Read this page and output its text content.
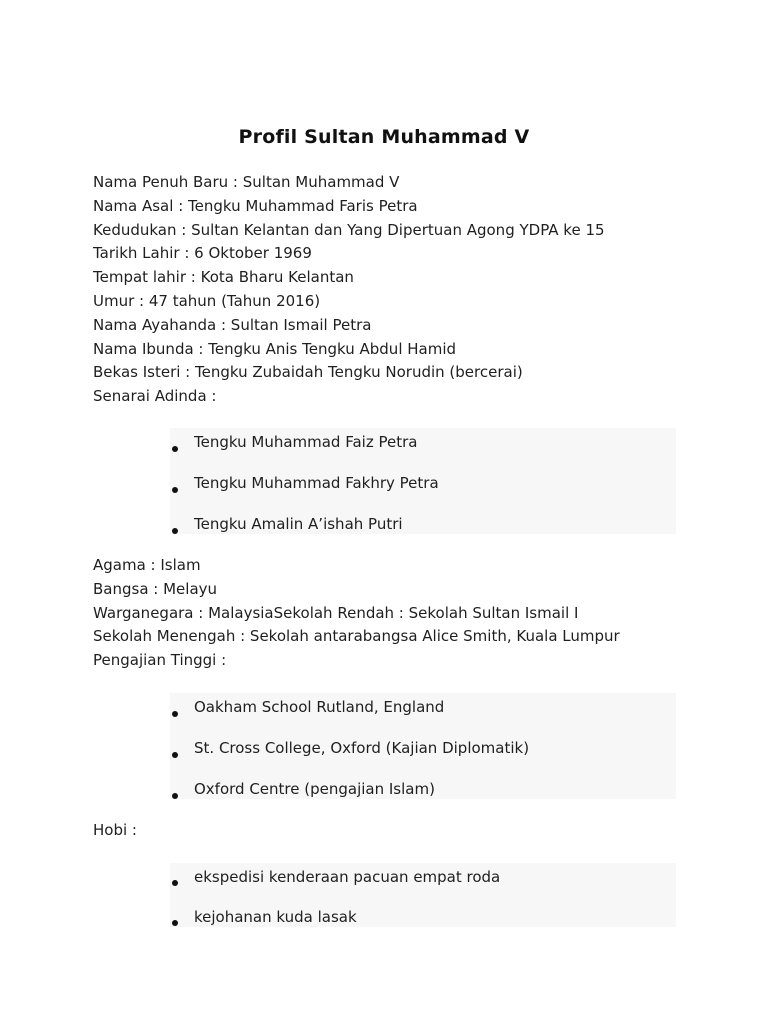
Profil Sultan Muhammad V
Nama Penuh Baru : Sultan Muhammad V
Nama Asal : Tengku Muhammad Faris Petra
Kedudukan : Sultan Kelantan dan Yang Dipertuan Agong YDPA ke 15
Tarikh Lahir : 6 Oktober 1969
Tempat lahir : Kota Bharu Kelantan
Umur : 47 tahun (Tahun 2016)
Nama Ayahanda : Sultan Ismail Petra
Nama Ibunda : Tengku Anis Tengku Abdul Hamid
Bekas Isteri : Tengku Zubaidah Tengku Norudin (bercerai)
Senarai Adinda :
Tengku Muhammad Faiz Petra
Tengku Muhammad Fakhry Petra
Tengku Amalin A’ishah Putri
Agama : Islam
Bangsa : Melayu
Warganegara : MalaysiaSekolah Rendah : Sekolah Sultan Ismail I
Sekolah Menengah : Sekolah antarabangsa Alice Smith, Kuala Lumpur
Pengajian Tinggi :
Oakham School Rutland, England
St. Cross College, Oxford (Kajian Diplomatik)
Oxford Centre (pengajian Islam)
Hobi :
ekspedisi kenderaan pacuan empat roda
kejohanan kuda lasak
